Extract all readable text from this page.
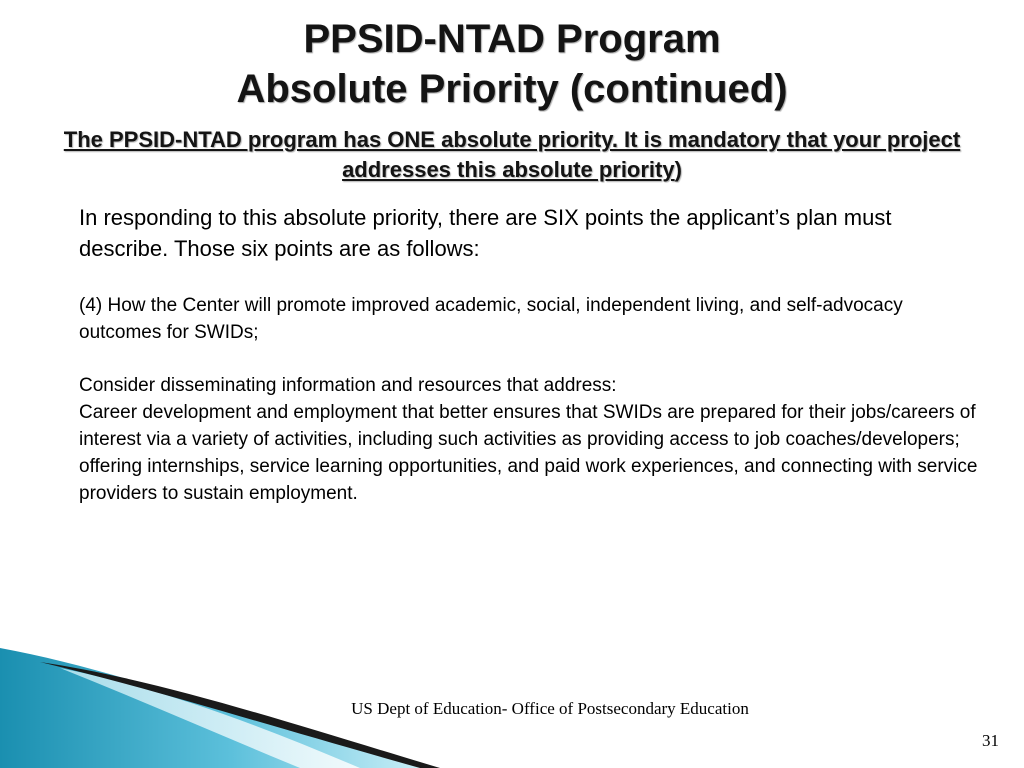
PPSID-NTAD Program
Absolute Priority (continued)
The PPSID-NTAD program has ONE absolute priority. It is mandatory that your project addresses this absolute priority)

In responding to this absolute priority, there are SIX points the applicant’s plan must describe. Those six points are as follows:

(4) How the Center will promote improved academic, social, independent living, and self-advocacy outcomes for SWIDs;

Consider disseminating information and resources that address:
Career development and employment that better ensures that SWIDs are prepared for their jobs/careers of interest via a variety of activities, including such activities as providing access to job coaches/developers; offering internships, service learning opportunities, and paid work experiences, and connecting with service providers to sustain employment.
US Dept of Education- Office of Postsecondary Education
31
